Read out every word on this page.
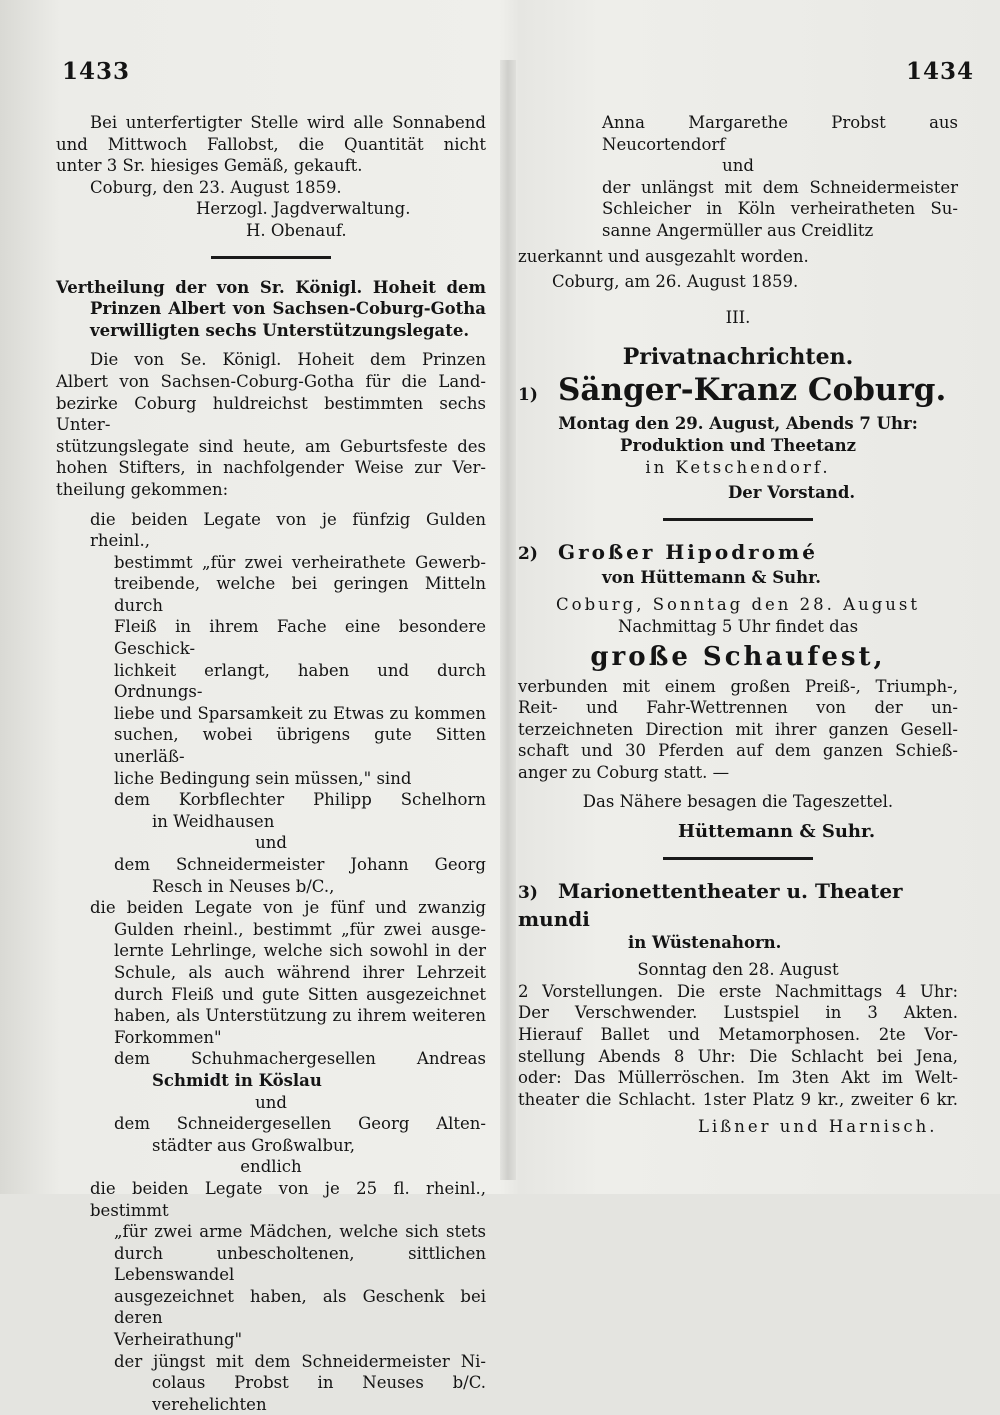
1433	1434
Bei unterfertigter Stelle wird alle Sonnabend
und Mittwoch Fallobst, die Quantität nicht
unter 3 Sr. hiesiges Gemäß, gekauft.
Coburg, den 23. August 1859.
Herzogl. Jagdverwaltung.
H. Obenauf.
Vertheilung der von Sr. Königl. Hoheit dem
Prinzen Albert von Sachsen-Coburg-Gotha
verwilligten sechs Unterstützungslegate.
Die von Se. Königl. Hoheit dem Prinzen
Albert von Sachsen-Coburg-Gotha für die Land-
bezirke Coburg huldreichst bestimmten sechs Unter-
stützungslegate sind heute, am Geburtsfeste des
hohen Stifters, in nachfolgender Weise zur Ver-
theilung gekommen:
die beiden Legate von je fünfzig Gulden rheinl.,
bestimmt „für zwei verheirathete Gewerb-
treibende, welche bei geringen Mitteln durch
Fleiß in ihrem Fache eine besondere Geschick-
lichkeit erlangt, haben und durch Ordnungs-
liebe und Sparsamkeit zu Etwas zu kommen
suchen, wobei übrigens gute Sitten unerläß-
liche Bedingung sein müssen," sind
dem Korbflechter Philipp Schelhorn
in Weidhausen
und
dem Schneidermeister Johann Georg
Resch in Neuses b/C.,
die beiden Legate von je fünf und zwanzig
Gulden rheinl., bestimmt „für zwei ausge-
lernte Lehrlinge, welche sich sowohl in der
Schule, als auch während ihrer Lehrzeit
durch Fleiß und gute Sitten ausgezeichnet
haben, als Unterstützung zu ihrem weiteren
Forkommen"
dem Schuhmachergesellen Andreas
Schmidt in Köslau
und
dem Schneidergesellen Georg Alten-
städter aus Großwalbur,
endlich
die beiden Legate von je 25 fl. rheinl., bestimmt
„für zwei arme Mädchen, welche sich stets
durch unbescholtenen, sittlichen Lebenswandel
ausgezeichnet haben, als Geschenk bei deren
Verheirathung"
der jüngst mit dem Schneidermeister Ni-
colaus Probst in Neuses b/C. verehelichten
Anna Margarethe Probst aus
Neucortendorf
und
der unlängst mit dem Schneidermeister
Schleicher in Köln verheiratheten Su-
sanne Angermüller aus Creidlitz
zuerkannt und ausgezahlt worden.
Coburg, am 26. August 1859.
III.
Privatnachrichten.
1) Sänger-Kranz Coburg.
Montag den 29. August, Abends 7 Uhr:
Produktion und Theetanz
in Ketschendorf.
Der Vorstand.
2) Großer Hipodromé
von Hüttemann & Suhr.
Coburg, Sonntag den 28. August
Nachmittag 5 Uhr findet das
große Schaufest,
verbunden mit einem großen Preiß-, Triumph-,
Reit- und Fahr-Wettrennen von der un-
terzeichneten Direction mit ihrer ganzen Gesell-
schaft und 30 Pferden auf dem ganzen Schieß-
anger zu Coburg statt. —
Das Nähere besagen die Tageszettel.
Hüttemann & Suhr.
3) Marionettentheater u. Theater mundi
in Wüstenahorn.
Sonntag den 28. August
2 Vorstellungen. Die erste Nachmittags 4 Uhr:
Der Verschwender. Lustspiel in 3 Akten.
Hierauf Ballet und Metamorphosen. 2te Vor-
stellung Abends 8 Uhr: Die Schlacht bei Jena,
oder: Das Müllerröschen. Im 3ten Akt im Welt-
theater die Schlacht. 1ster Platz 9 kr., zweiter 6 kr.
Lißner und Harnisch.
